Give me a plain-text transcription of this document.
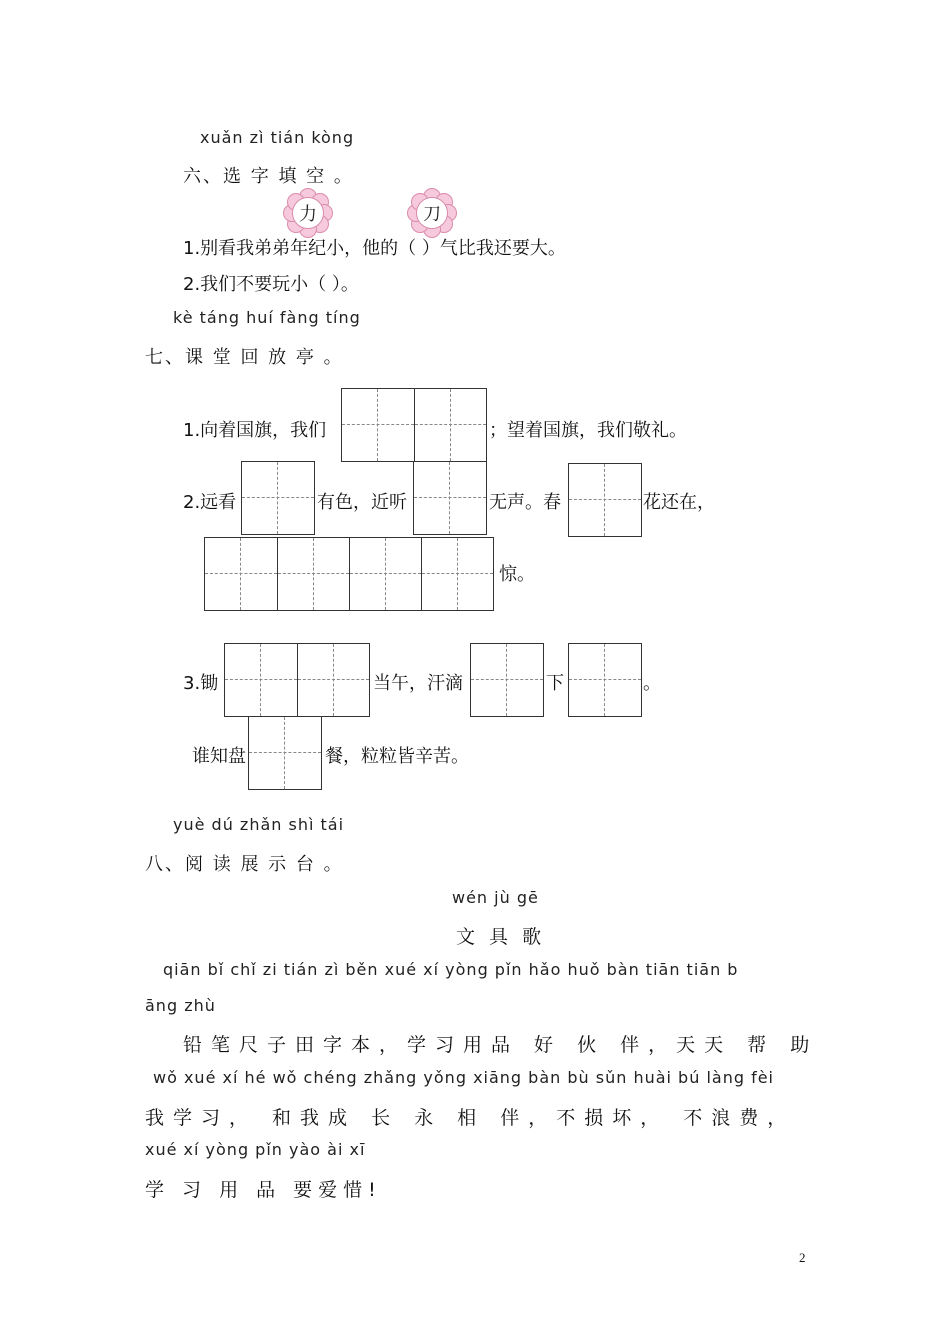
xuǎn zì tián kòng
六、选 字 填 空 。
力	刀
1.别看我弟弟年纪小，他的（ ）气比我还要大。
2.我们不要玩小（ ）。
kè táng huí fàng tíng
七、课 堂 回 放 亭 。
1.向着国旗，我们	；望着国旗，我们敬礼。
2.远看	有色，近听	无声。春	花还在，
惊。
3.锄	当午，汗滴	下	。
谁知盘	餐，粒粒皆辛苦。
yuè dú zhǎn shì tái
八、阅 读 展 示 台 。
wén jù gē
文 具 歌
qiān bǐ chǐ zi tián zì běn xué xí yòng pǐn hǎo huǒ bàn tiān tiān b
āng zhù
铅笔尺子田字本，学习用品 好 伙 伴，天天 帮 助
wǒ xué xí hé wǒ chéng zhǎng yǒng xiāng bàn bù sǔn huài bú làng fèi
我学习， 和我成 长 永 相 伴，不损坏， 不浪费，
xué xí yòng pǐn yào ài xī
学 习 用 品 要爱惜!
2
